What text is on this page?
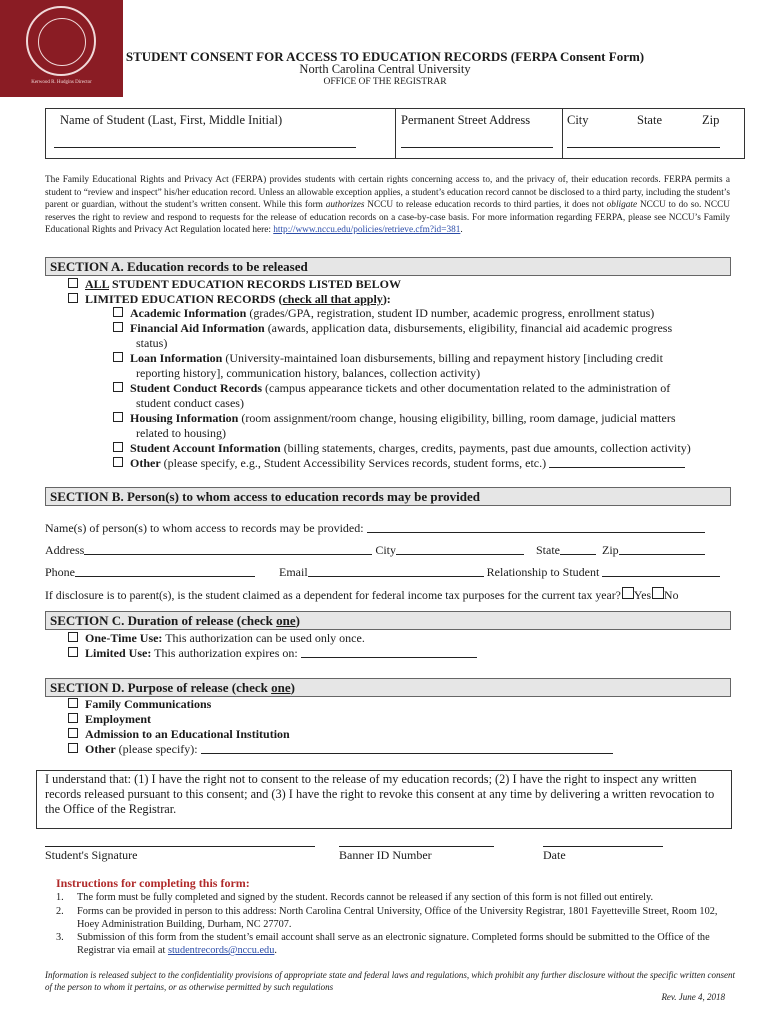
Kerwood R. Hudgins Director
STUDENT CONSENT FOR ACCESS TO EDUCATION RECORDS (FERPA Consent Form)
North Carolina Central University
OFFICE OF THE REGISTRAR
Name of Student (Last, First, Middle Initial)	Permanent Street Address	City	State	Zip
The Family Educational Rights and Privacy Act (FERPA) provides students with certain rights concerning access to, and the privacy of, their education records. FERPA permits a student to “review and inspect” his/her education record. Unless an allowable exception applies, a student’s education record cannot be disclosed to a third party, including the student’s parent or guardian, without the student’s written consent. While this form authorizes NCCU to release education records to third parties, it does not obligate NCCU to do so. NCCU reserves the right to review and respond to requests for the release of education records on a case-by-case basis. For more information regarding FERPA, please see NCCU’s Family Educational Rights and Privacy Act Regulation located here: http://www.nccu.edu/policies/retrieve.cfm?id=381.
SECTION A. Education records to be released
ALL STUDENT EDUCATION RECORDS LISTED BELOW
LIMITED EDUCATION RECORDS (check all that apply):
Academic Information (grades/GPA, registration, student ID number, academic progress, enrollment status)
Financial Aid Information (awards, application data, disbursements, eligibility, financial aid academic progress
status)
Loan Information (University-maintained loan disbursements, billing and repayment history [including credit
reporting history], communication history, balances, collection activity)
Student Conduct Records (campus appearance tickets and other documentation related to the administration of
student conduct cases)
Housing Information (room assignment/room change, housing eligibility, billing, room damage, judicial matters
related to housing)
Student Account Information (billing statements, charges, credits, payments, past due amounts, collection activity)
Other (please specify, e.g., Student Accessibility Services records, student forms, etc.)
SECTION B. Person(s) to whom access to education records may be provided
Name(s) of person(s) to whom access to records may be provided:
Address	City	State	Zip
Phone	Email	Relationship to Student
If disclosure is to parent(s), is the student claimed as a dependent for federal income tax purposes for the current tax year? Yes No
SECTION C. Duration of release (check one)
One-Time Use: This authorization can be used only once.
Limited Use: This authorization expires on:
SECTION D. Purpose of release (check one)
Family Communications
Employment
Admission to an Educational Institution
Other (please specify):
I understand that: (1) I have the right not to consent to the release of my education records; (2) I have the right to inspect any written records released pursuant to this consent; and (3) I have the right to revoke this consent at any time by delivering a written revocation to the Office of the Registrar.
Student's Signature	Banner ID Number	Date
Instructions for completing this form:
1. The form must be fully completed and signed by the student. Records cannot be released if any section of this form is not filled out entirely.
2. Forms can be provided in person to this address: North Carolina Central University, Office of the University Registrar, 1801 Fayetteville Street, Room 102, Hoey Administration Building, Durham, NC 27707.
3. Submission of this form from the student’s email account shall serve as an electronic signature. Completed forms should be submitted to the Office of the Registrar via email at studentrecords@nccu.edu.
Information is released subject to the confidentiality provisions of appropriate state and federal laws and regulations, which prohibit any further disclosure without the specific written consent of the person to whom it pertains, or as otherwise permitted by such regulations
Rev. June 4, 2018
